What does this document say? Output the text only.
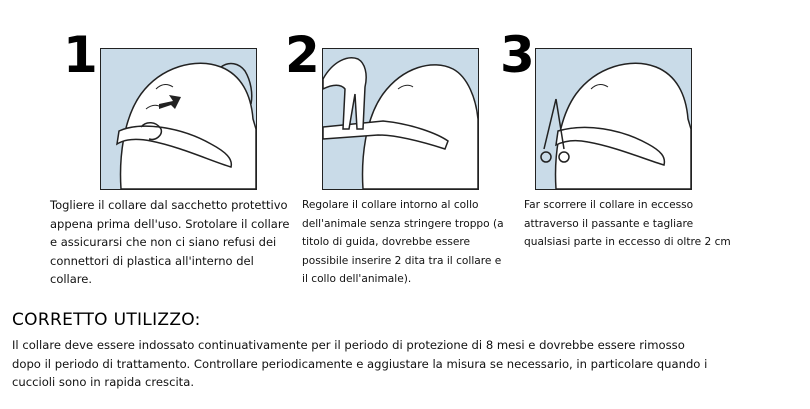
1
Togliere il collare dal sacchetto protettivo appena prima dell'uso. Srotolare il collare e assicurarsi che non ci siano refusi dei connettori di plastica all'interno del collare.
2
Regolare il collare intorno al collo dell'animale senza stringere troppo (a titolo di guida, dovrebbe essere possibile inserire 2 dita tra il collare e il collo dell'animale).
3
Far scorrere il collare in eccesso attraverso il passante e tagliare qualsiasi parte in eccesso di oltre 2 cm
CORRETTO UTILIZZO:
Il collare deve essere indossato continuativamente per il periodo di protezione di 8 mesi e dovrebbe essere rimosso dopo il periodo di trattamento. Controllare periodicamente e aggiustare la misura se necessario, in particolare quando i cuccioli sono in rapida crescita.
